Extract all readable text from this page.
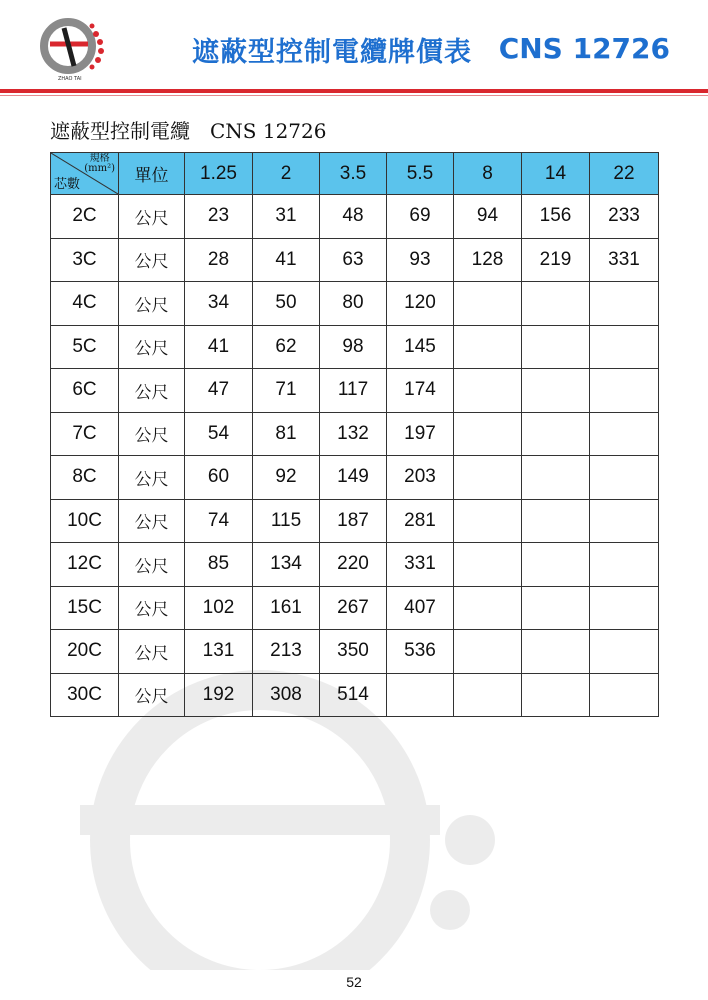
ZHAO TAI
遮蔽型控制電纜牌價表 CNS 12726
遮蔽型控制電纜　CNS 12726
規格
(mm²)
芯數	單位	1.25	2	3.5	5.5	8	14	22
2C	公尺	23	31	48	69	94	156	233
3C	公尺	28	41	63	93	128	219	331
4C	公尺	34	50	80	120			
5C	公尺	41	62	98	145			
6C	公尺	47	71	117	174			
7C	公尺	54	81	132	197			
8C	公尺	60	92	149	203			
10C	公尺	74	115	187	281			
12C	公尺	85	134	220	331			
15C	公尺	102	161	267	407			
20C	公尺	131	213	350	536			
30C	公尺	192	308	514				
52
